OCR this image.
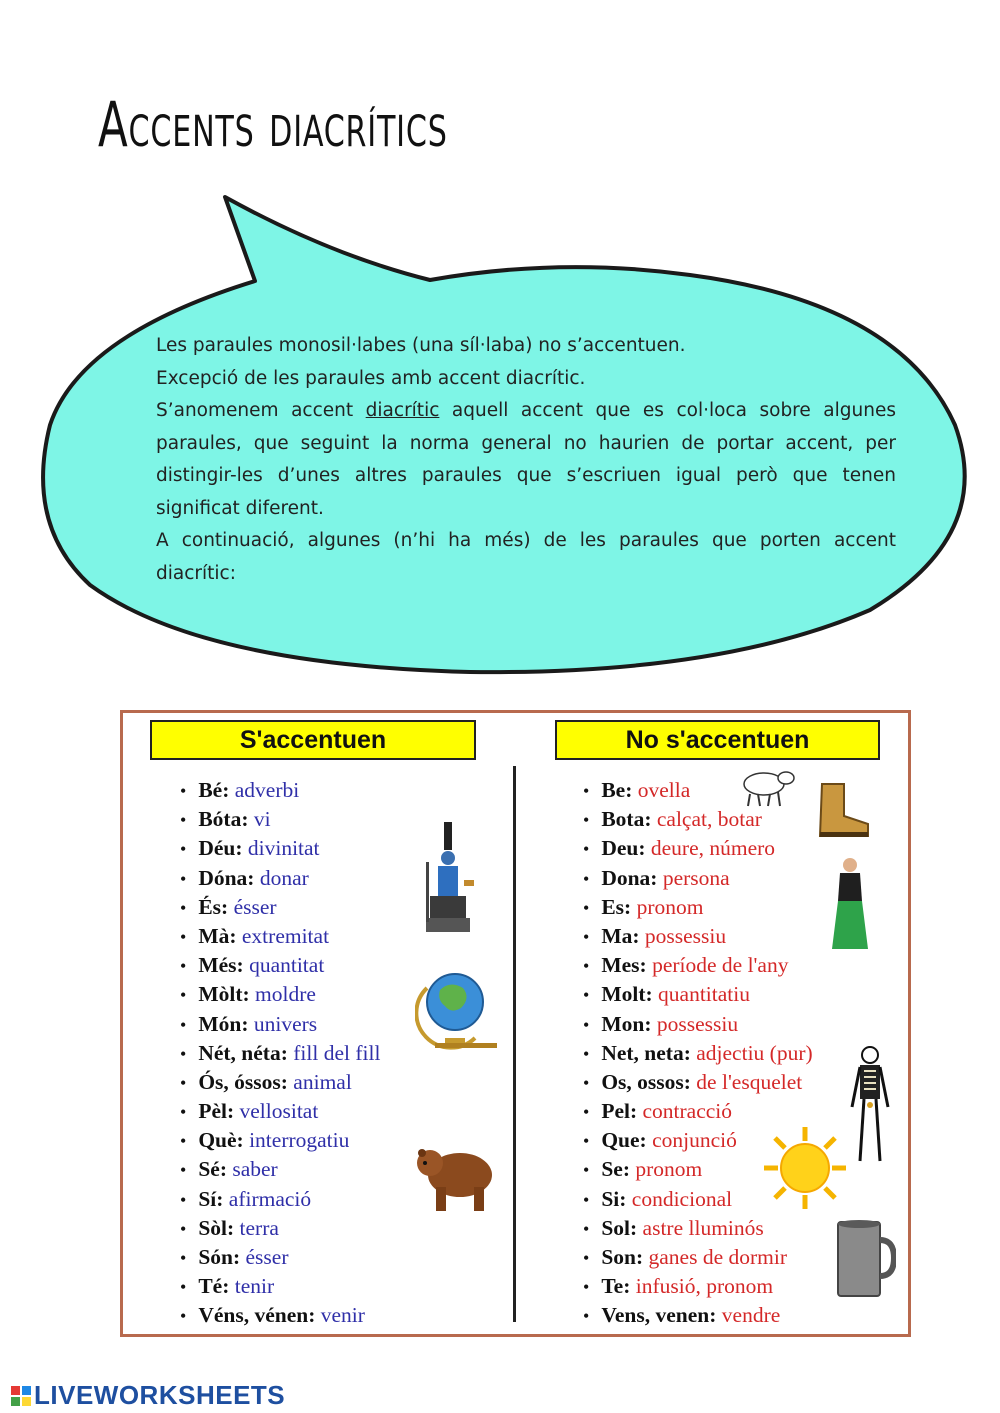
Accents diacrítics

Les paraules monosil·labes (una síl·laba) no s’accentuen.

Excepció de les paraules amb accent diacrític.

S’anomenem accent diacrític aquell accent que es col·loca sobre algunes paraules, que seguint la norma general no haurien de portar accent, per distingir-les d’unes altres paraules que s’escriuen igual però que tenen significat diferent.

A continuació, algunes (n’hi ha més) de les paraules que porten accent diacrític:

S'accentuen	No s'accentuen
• Bé: adverbi
• Bóta: vi
• Déu: divinitat
• Dóna: donar
• És: ésser
• Mà: extremitat
• Més: quantitat
• Mòlt: moldre
• Món: univers
• Nét, néta: fill del fill
• Ós, óssos: animal
• Pèl: vellositat
• Què: interrogatiu
• Sé: saber
• Sí: afirmació
• Sòl: terra
• Són: ésser
• Té: tenir
• Véns, vénen: venir
• Be: ovella
• Bota: calçat, botar
• Deu: deure, número
• Dona: persona
• Es: pronom
• Ma: possessiu
• Mes: període de l'any
• Molt: quantitatiu
• Mon: possessiu
• Net, neta: adjectiu (pur)
• Os, ossos: de l'esquelet
• Pel: contracció
• Que: conjunció
• Se: pronom
• Si: condicional
• Sol: astre lluminós
• Son: ganes de dormir
• Te: infusió, pronom
• Vens, venen: vendre
LIVEWORKSHEETS
